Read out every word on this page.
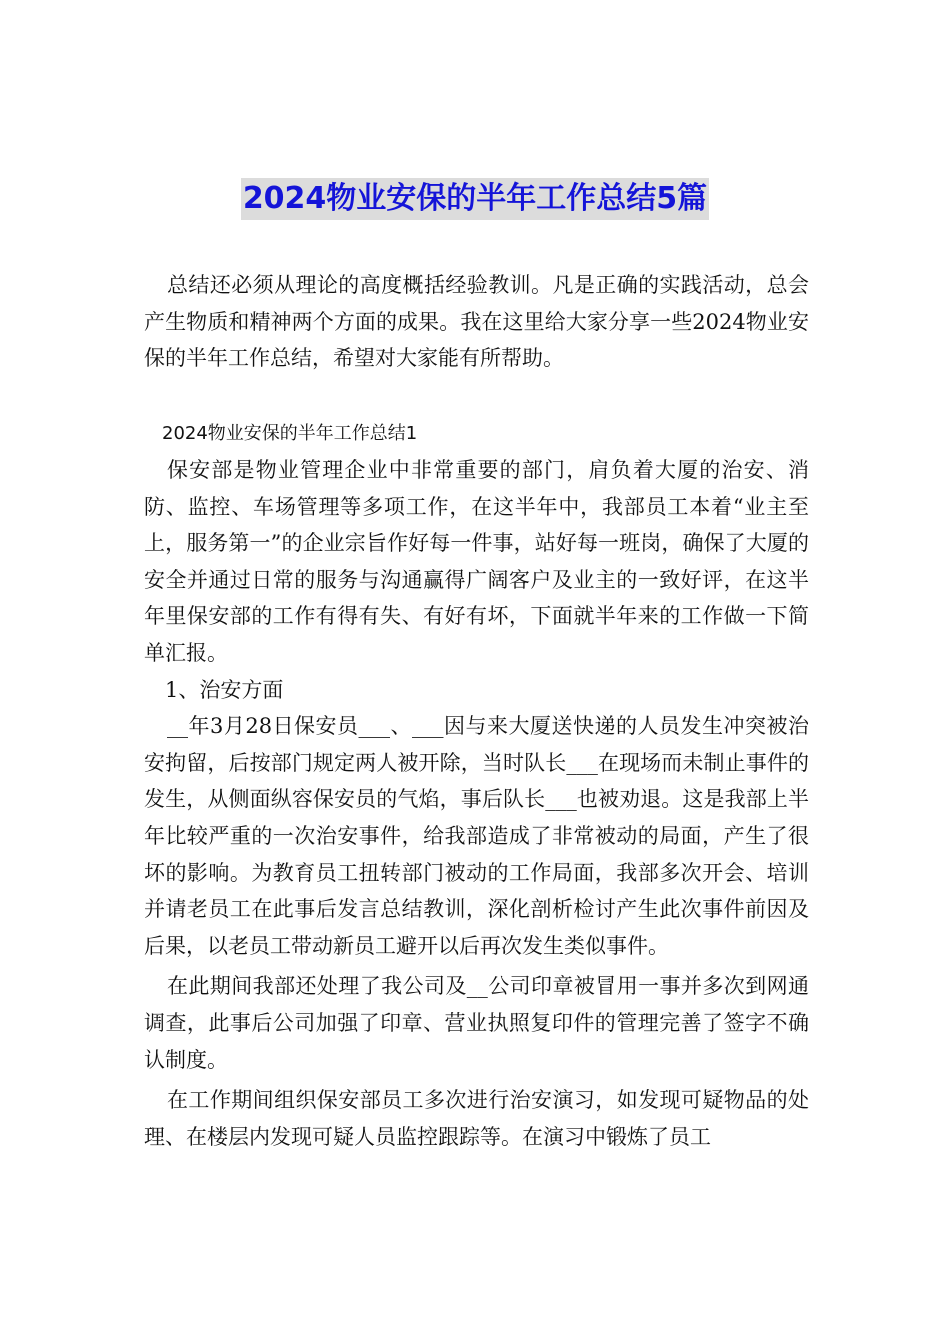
2024物业安保的半年工作总结5篇

总结还必须从理论的高度概括经验教训。凡是正确的实践活动，总会产生物质和精神两个方面的成果。我在这里给大家分享一些2024物业安保的半年工作总结，希望对大家能有所帮助。

2024物业安保的半年工作总结1

保安部是物业管理企业中非常重要的部门，肩负着大厦的治安、消防、监控、车场管理等多项工作，在这半年中，我部员工本着“业主至上，服务第一”的企业宗旨作好每一件事，站好每一班岗，确保了大厦的安全并通过日常的服务与沟通赢得广阔客户及业主的一致好评，在这半年里保安部的工作有得有失、有好有坏，下面就半年来的工作做一下简单汇报。

1、治安方面

__年3月28日保安员___、___因与来大厦送快递的人员发生冲突被治安拘留，后按部门规定两人被开除，当时队长___在现场而未制止事件的发生，从侧面纵容保安员的气焰，事后队长___也被劝退。这是我部上半年比较严重的一次治安事件，给我部造成了非常被动的局面，产生了很坏的影响。为教育员工扭转部门被动的工作局面，我部多次开会、培训并请老员工在此事后发言总结教训，深化剖析检讨产生此次事件前因及后果，以老员工带动新员工避开以后再次发生类似事件。

在此期间我部还处理了我公司及__公司印章被冒用一事并多次到网通调查，此事后公司加强了印章、营业执照复印件的管理完善了签字不确认制度。

在工作期间组织保安部员工多次进行治安演习，如发现可疑物品的处理、在楼层内发现可疑人员监控跟踪等。在演习中锻炼了员工
